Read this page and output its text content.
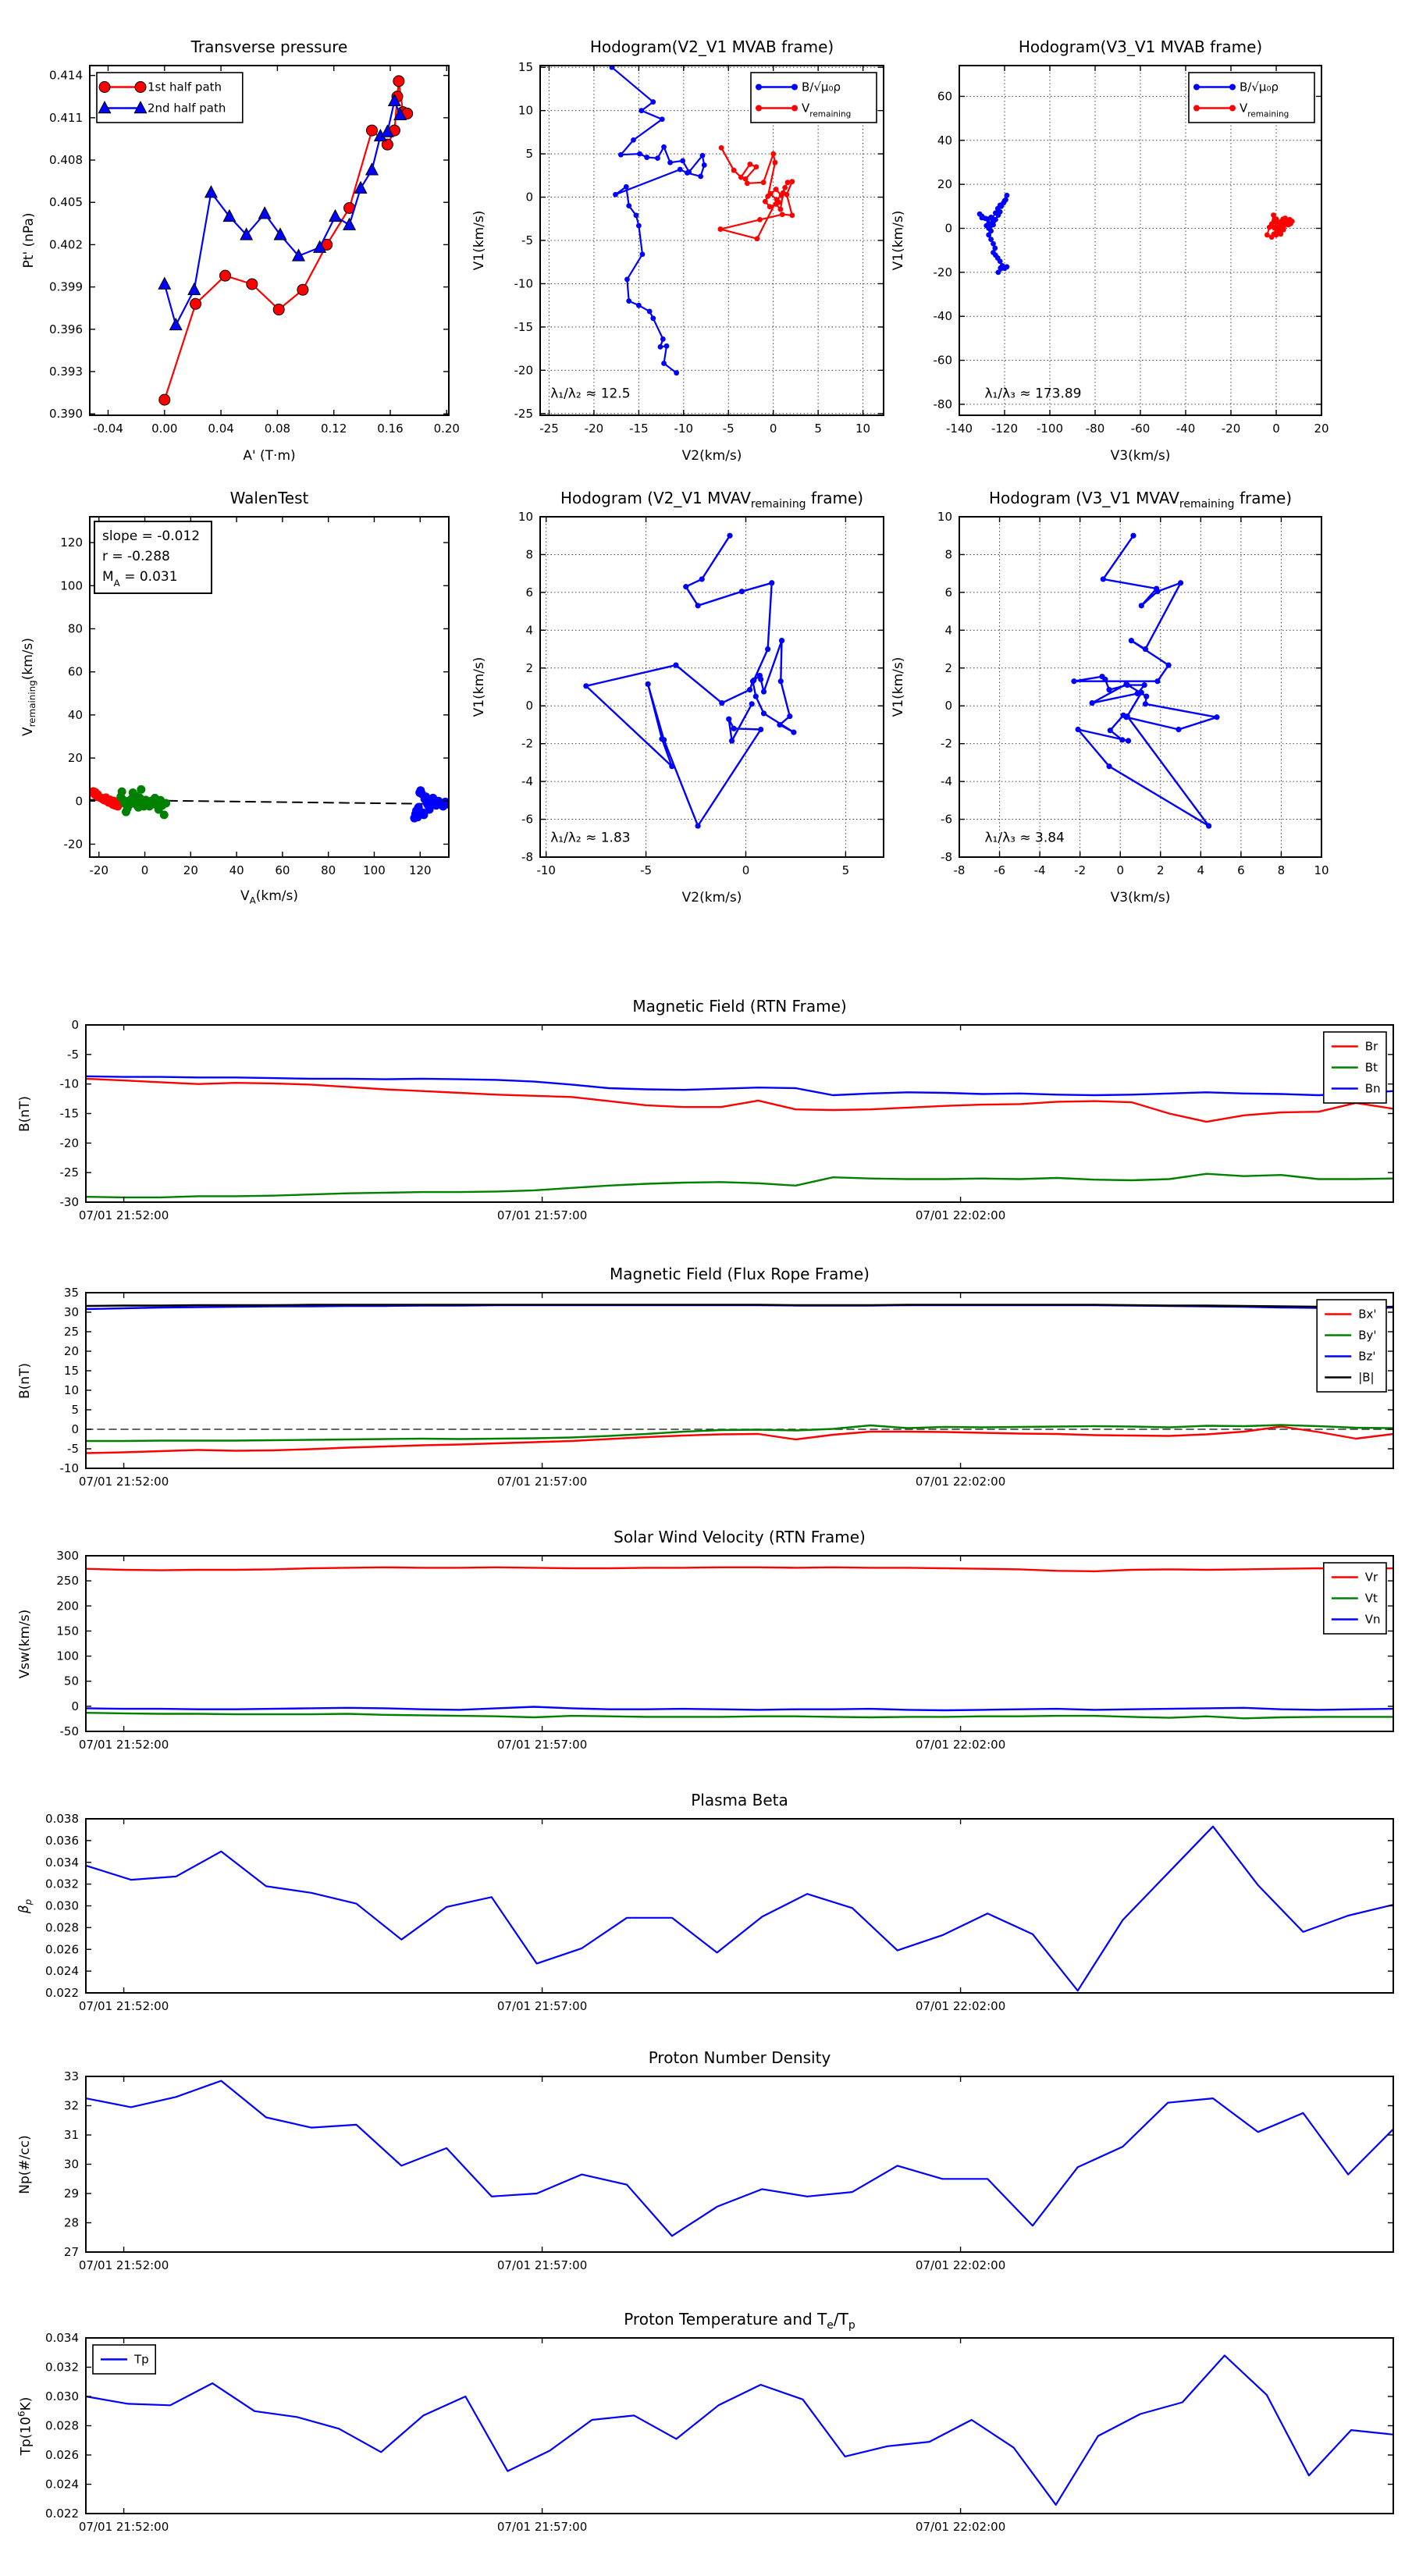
Transverse pressure
Pt' (nPa)
A' (T·m)
-0.04 0.00	0.04	0.08	0.12	0.16	0.20
0.390
0.393
0.396
0.399
0.402
0.405
0.408
0.411
0.414
1st half path
2nd half path
Hodogram(V2_V1 MVAB frame)
V1(km/s)
V2(km/s)
-25 -20 -15 -10	-5	0	5	10
-25
-20
-15
-10
-5
0
5
10
15
λ₁/λ₂ ≈ 12.5
B/√μ₀ρ
$V_{remaining}$
Hodogram(V3_V1 MVAB frame)
V1(km/s)
V3(km/s)
-140 -120 -100 -80 -60 -40 -20	0	20
-80
-60
-40
-20
0
20
40
60
λ₁/λ₃ ≈ 173.89
B/√μ₀ρ
$V_{remaining}$
WalenTest
$V_{remaining}(km/s)$
$V_A(km/s)$
-20	0	20	40	60	80 100 120
-20
0
20
40
60
80
100
120 slope = -0.012
r = -0.288
$M_A = 0.031$
Hodogram (V2_V1 $MVAV_{remaining}$ frame)
V1(km/s)
V2(km/s)
-10	-5	0	5
-8
-6
-4
-2
0
2
4
6
8
10
λ₁/λ₂ ≈ 1.83
Hodogram (V3_V1 $MVAV_{remaining}$ frame)
V1(km/s)
V3(km/s)
-8 -6 -4 -2	0	2	4	6	8 10
-8
-6
-4
-2
0
2
4
6
8
10
λ₁/λ₃ ≈ 3.84
Magnetic Field (RTN Frame)
B(nT)
07/01 21:52:00	07/01 21:57:00	07/01 22:02:00
-30
-25
-20
-15
-10
-5
0
Br
Bt
Bn
Magnetic Field (Flux Rope Frame)
B(nT)
07/01 21:52:00	07/01 21:57:00	07/01 22:02:00
-10
-5
0
5
10
15
20
25
30
35
Bx'
By'
Bz'
|B|
Solar Wind Velocity (RTN Frame)
Vsw(km/s)
07/01 21:52:00	07/01 21:57:00	07/01 22:02:00
-50
0
50
100
150
200
250
300
Vr
Vt
Vn
Plasma Beta
$\beta_p$
07/01 21:52:00	07/01 21:57:00	07/01 22:02:00
0.022
0.024
0.026
0.028
0.030
0.032
0.034
0.036
0.038
Proton Number Density
Np(#/cc)
07/01 21:52:00	07/01 21:57:00	07/01 22:02:00
27
28
29
30
31
32
33
Proton Temperature and $T_e/T_p$
$Tp(10^6K)$
07/01 21:52:00	07/01 21:57:00	07/01 22:02:00
0.022
0.024
0.026
0.028
0.030
0.032
0.034
Tp
